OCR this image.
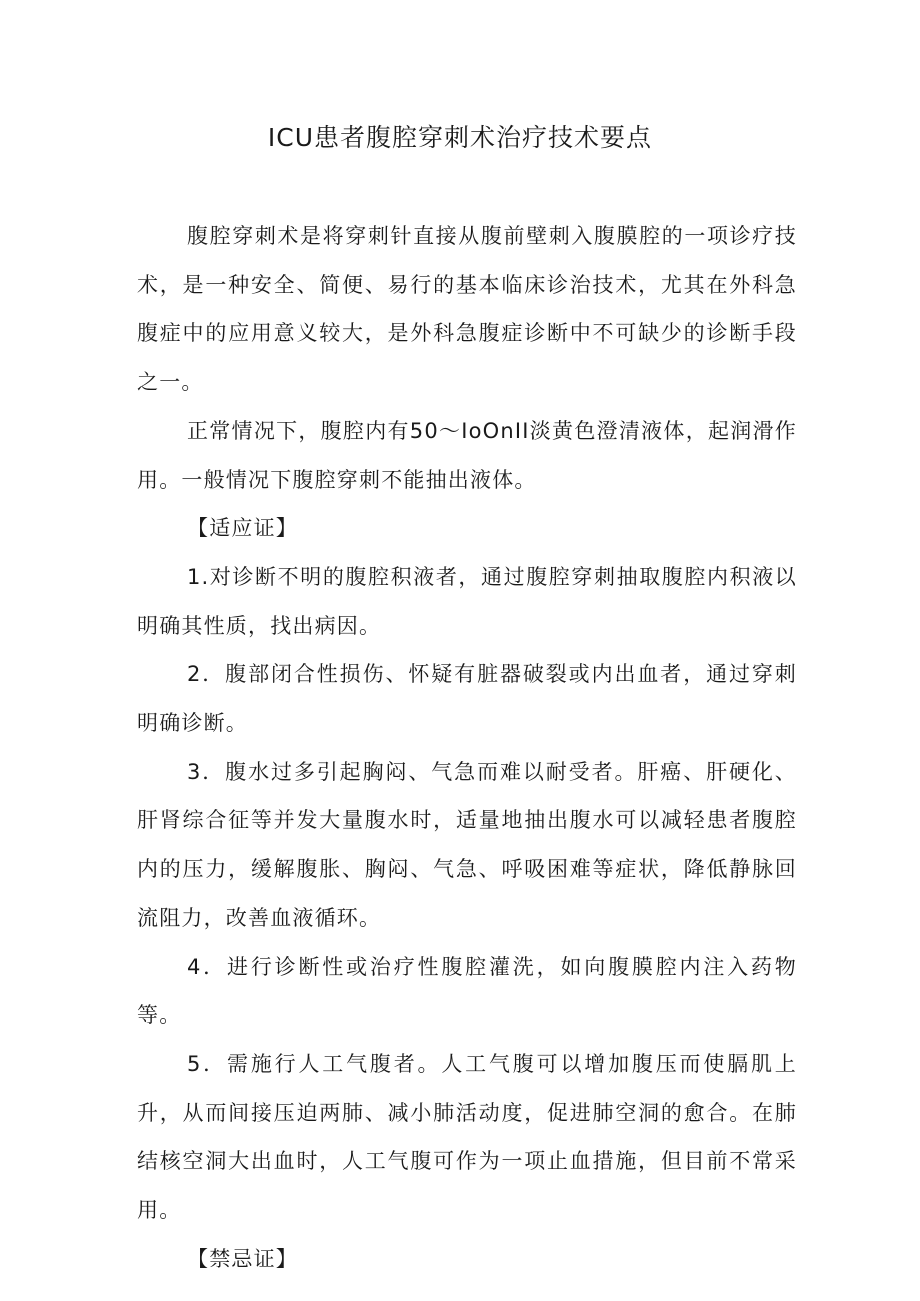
ICU患者腹腔穿刺术治疗技术要点

腹腔穿刺术是将穿刺针直接从腹前壁刺入腹膜腔的一项诊疗技术，是一种安全、简便、易行的基本临床诊治技术，尤其在外科急腹症中的应用意义较大，是外科急腹症诊断中不可缺少的诊断手段之一。

正常情况下，腹腔内有50～IoOnII淡黄色澄清液体，起润滑作用。一般情况下腹腔穿刺不能抽出液体。

【适应证】

1.对诊断不明的腹腔积液者，通过腹腔穿刺抽取腹腔内积液以明确其性质，找出病因。

2．腹部闭合性损伤、怀疑有脏器破裂或内出血者，通过穿刺明确诊断。

3．腹水过多引起胸闷、气急而难以耐受者。肝癌、肝硬化、肝肾综合征等并发大量腹水时，适量地抽出腹水可以减轻患者腹腔内的压力，缓解腹胀、胸闷、气急、呼吸困难等症状，降低静脉回流阻力，改善血液循环。

4．进行诊断性或治疗性腹腔灌洗，如向腹膜腔内注入药物等。

5．需施行人工气腹者。人工气腹可以增加腹压而使膈肌上升，从而间接压迫两肺、减小肺活动度，促进肺空洞的愈合。在肺结核空洞大出血时，人工气腹可作为一项止血措施，但目前不常采用。

【禁忌证】
